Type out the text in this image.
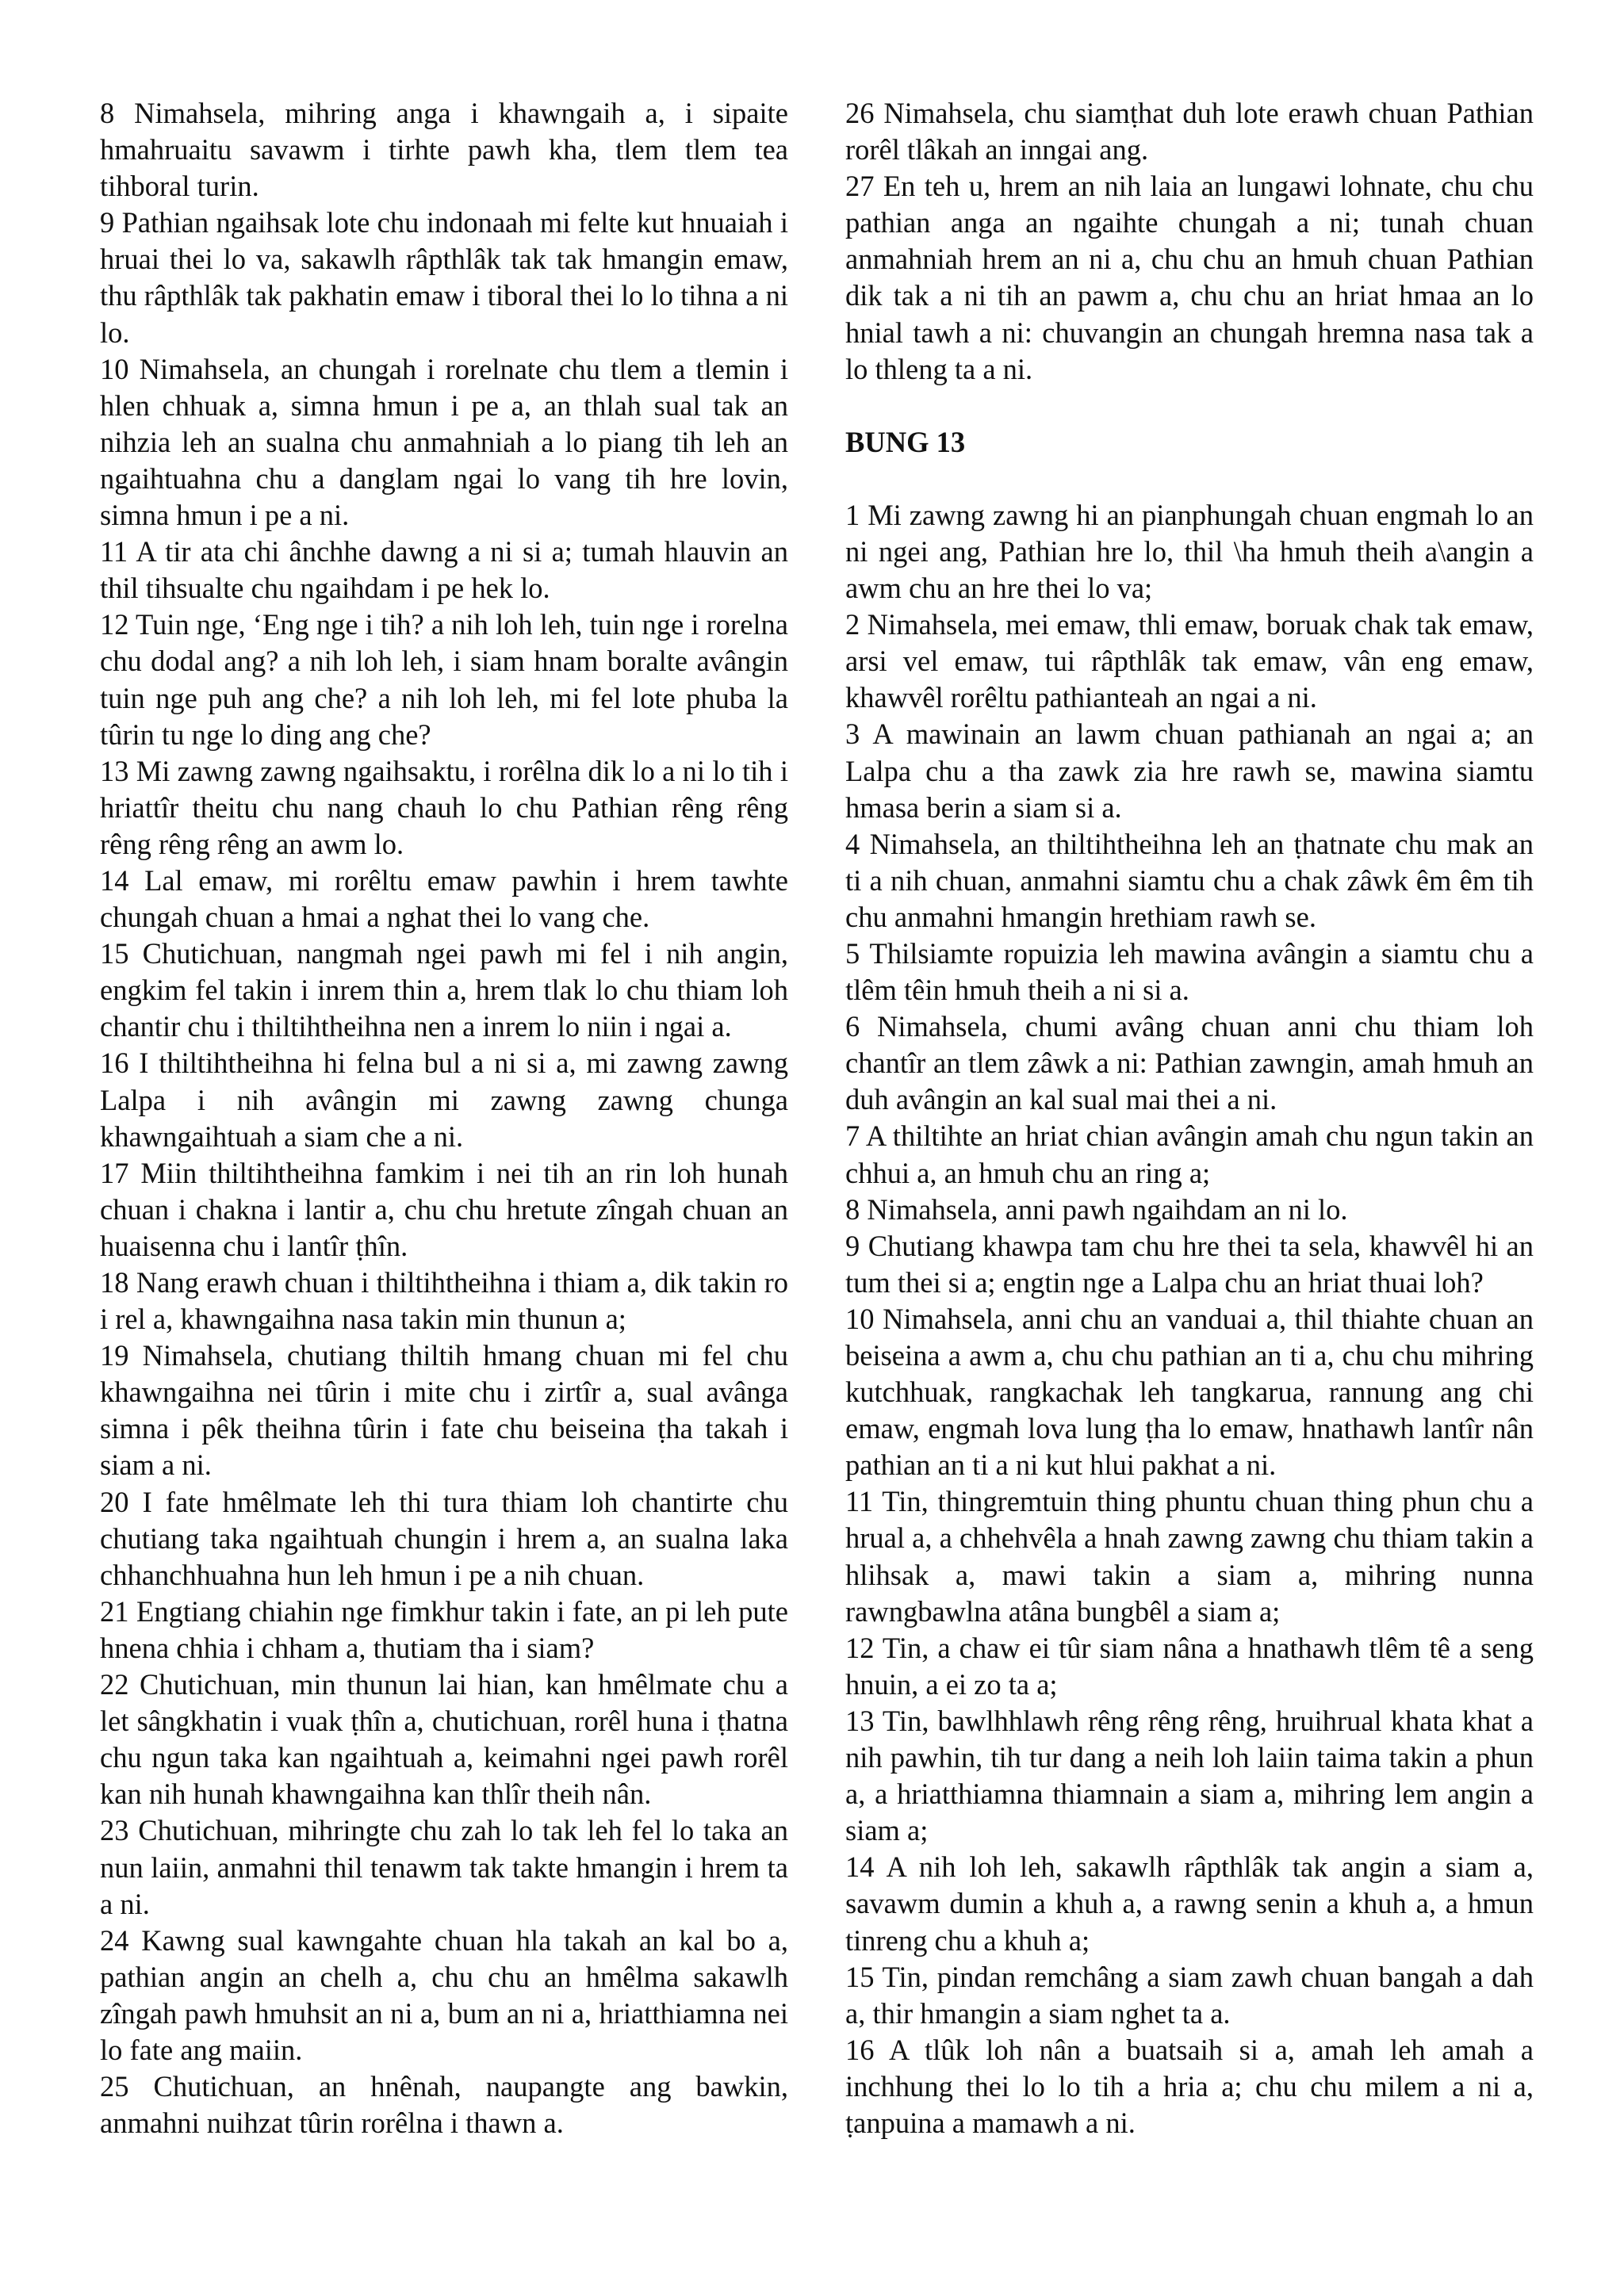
8 Nimahsela, mihring anga i khawngaih a, i sipaite hmahruaitu savawm i tirhte pawh kha, tlem tlem tea tihboral turin.

9 Pathian ngaihsak lote chu indonaah mi felte kut hnuaiah i hruai thei lo va, sakawlh râpthlâk tak tak hmangin emaw, thu râpthlâk tak pakhatin emaw i tiboral thei lo lo tihna a ni lo.

10 Nimahsela, an chungah i rorelnate chu tlem a tlemin i hlen chhuak a, simna hmun i pe a, an thlah sual tak an nihzia leh an sualna chu anmahniah a lo piang tih leh an ngaihtuahna chu a danglam ngai lo vang tih hre lovin, simna hmun i pe a ni.

11 A tir ata chi ânchhe dawng a ni si a; tumah hlauvin an thil tihsualte chu ngaihdam i pe hek lo.

12 Tuin nge, ‘Eng nge i tih? a nih loh leh, tuin nge i rorelna chu dodal ang? a nih loh leh, i siam hnam boralte avângin tuin nge puh ang che? a nih loh leh, mi fel lote phuba la tûrin tu nge lo ding ang che?

13 Mi zawng zawng ngaihsaktu, i rorêlna dik lo a ni lo tih i hriattîr theitu chu nang chauh lo chu Pathian rêng rêng rêng rêng rêng an awm lo.

14 Lal emaw, mi rorêltu emaw pawhin i hrem tawhte chungah chuan a hmai a nghat thei lo vang che.

15 Chutichuan, nangmah ngei pawh mi fel i nih angin, engkim fel takin i inrem thin a, hrem tlak lo chu thiam loh chantir chu i thiltihtheihna nen a inrem lo niin i ngai a.

16 I thiltihtheihna hi felna bul a ni si a, mi zawng zawng Lalpa i nih avângin mi zawng zawng chunga khawngaihtuah a siam che a ni.

17 Miin thiltihtheihna famkim i nei tih an rin loh hunah chuan i chakna i lantir a, chu chu hretute zîngah chuan an huaisenna chu i lantîr ṭhîn.

18 Nang erawh chuan i thiltihtheihna i thiam a, dik takin ro i rel a, khawngaihna nasa takin min thunun a;

19 Nimahsela, chutiang thiltih hmang chuan mi fel chu khawngaihna nei tûrin i mite chu i zirtîr a, sual avânga simna i pêk theihna tûrin i fate chu beiseina ṭha takah i siam a ni.

20 I fate hmêlmate leh thi tura thiam loh chantirte chu chutiang taka ngaihtuah chungin i hrem a, an sualna laka chhanchhuahna hun leh hmun i pe a nih chuan.

21 Engtiang chiahin nge fimkhur takin i fate, an pi leh pute hnena chhia i chham a, thutiam tha i siam?

22 Chutichuan, min thunun lai hian, kan hmêlmate chu a let sângkhatin i vuak ṭhîn a, chutichuan, rorêl huna i ṭhatna chu ngun taka kan ngaihtuah a, keimahni ngei pawh rorêl kan nih hunah khawngaihna kan thlîr theih nân.

23 Chutichuan, mihringte chu zah lo tak leh fel lo taka an nun laiin, anmahni thil tenawm tak takte hmangin i hrem ta a ni.

24 Kawng sual kawngahte chuan hla takah an kal bo a, pathian angin an chelh a, chu chu an hmêlma sakawlh zîngah pawh hmuhsit an ni a, bum an ni a, hriatthiamna nei lo fate ang maiin.

25 Chutichuan, an hnênah, naupangte ang bawkin, anmahni nuihzat tûrin rorêlna i thawn a.

26 Nimahsela, chu siamṭhat duh lote erawh chuan Pathian rorêl tlâkah an inngai ang.

27 En teh u, hrem an nih laia an lungawi lohnate, chu chu pathian anga an ngaihte chungah a ni; tunah chuan anmahniah hrem an ni a, chu chu an hmuh chuan Pathian dik tak a ni tih an pawm a, chu chu an hriat hmaa an lo hnial tawh a ni: chuvangin an chungah hremna nasa tak a lo thleng ta a ni.

BUNG 13

1 Mi zawng zawng hi an pianphungah chuan engmah lo an ni ngei ang, Pathian hre lo, thil \ha hmuh theih a\angin a awm chu an hre thei lo va;

2 Nimahsela, mei emaw, thli emaw, boruak chak tak emaw, arsi vel emaw, tui râpthlâk tak emaw, vân eng emaw, khawvêl rorêltu pathianteah an ngai a ni.

3 A mawinain an lawm chuan pathianah an ngai a; an Lalpa chu a tha zawk zia hre rawh se, mawina siamtu hmasa berin a siam si a.

4 Nimahsela, an thiltihtheihna leh an ṭhatnate chu mak an ti a nih chuan, anmahni siamtu chu a chak zâwk êm êm tih chu anmahni hmangin hrethiam rawh se.

5 Thilsiamte ropuizia leh mawina avângin a siamtu chu a tlêm têin hmuh theih a ni si a.

6 Nimahsela, chumi avâng chuan anni chu thiam loh chantîr an tlem zâwk a ni: Pathian zawngin, amah hmuh an duh avângin an kal sual mai thei a ni.

7 A thiltihte an hriat chian avângin amah chu ngun takin an chhui a, an hmuh chu an ring a;

8 Nimahsela, anni pawh ngaihdam an ni lo.

9 Chutiang khawpa tam chu hre thei ta sela, khawvêl hi an tum thei si a; engtin nge a Lalpa chu an hriat thuai loh?

10 Nimahsela, anni chu an vanduai a, thil thiahte chuan an beiseina a awm a, chu chu pathian an ti a, chu chu mihring kutchhuak, rangkachak leh tangkarua, rannung ang chi emaw, engmah lova lung ṭha lo emaw, hnathawh lantîr nân pathian an ti a ni kut hlui pakhat a ni.

11 Tin, thingremtuin thing phuntu chuan thing phun chu a hrual a, a chhehvêla a hnah zawng zawng chu thiam takin a hlihsak a, mawi takin a siam a, mihring nunna rawngbawlna atâna bungbêl a siam a;

12 Tin, a chaw ei tûr siam nâna a hnathawh tlêm tê a seng hnuin, a ei zo ta a;

13 Tin, bawlhhlawh rêng rêng rêng, hruihrual khata khat a nih pawhin, tih tur dang a neih loh laiin taima takin a phun a, a hriatthiamna thiamnain a siam a, mihring lem angin a siam a;

14 A nih loh leh, sakawlh râpthlâk tak angin a siam a, savawm dumin a khuh a, a rawng senin a khuh a, a hmun tinreng chu a khuh a;

15 Tin, pindan remchâng a siam zawh chuan bangah a dah a, thir hmangin a siam nghet ta a.

16 A tlûk loh nân a buatsaih si a, amah leh amah a inchhung thei lo lo tih a hria a; chu chu milem a ni a, ṭanpuina a mamawh a ni.
